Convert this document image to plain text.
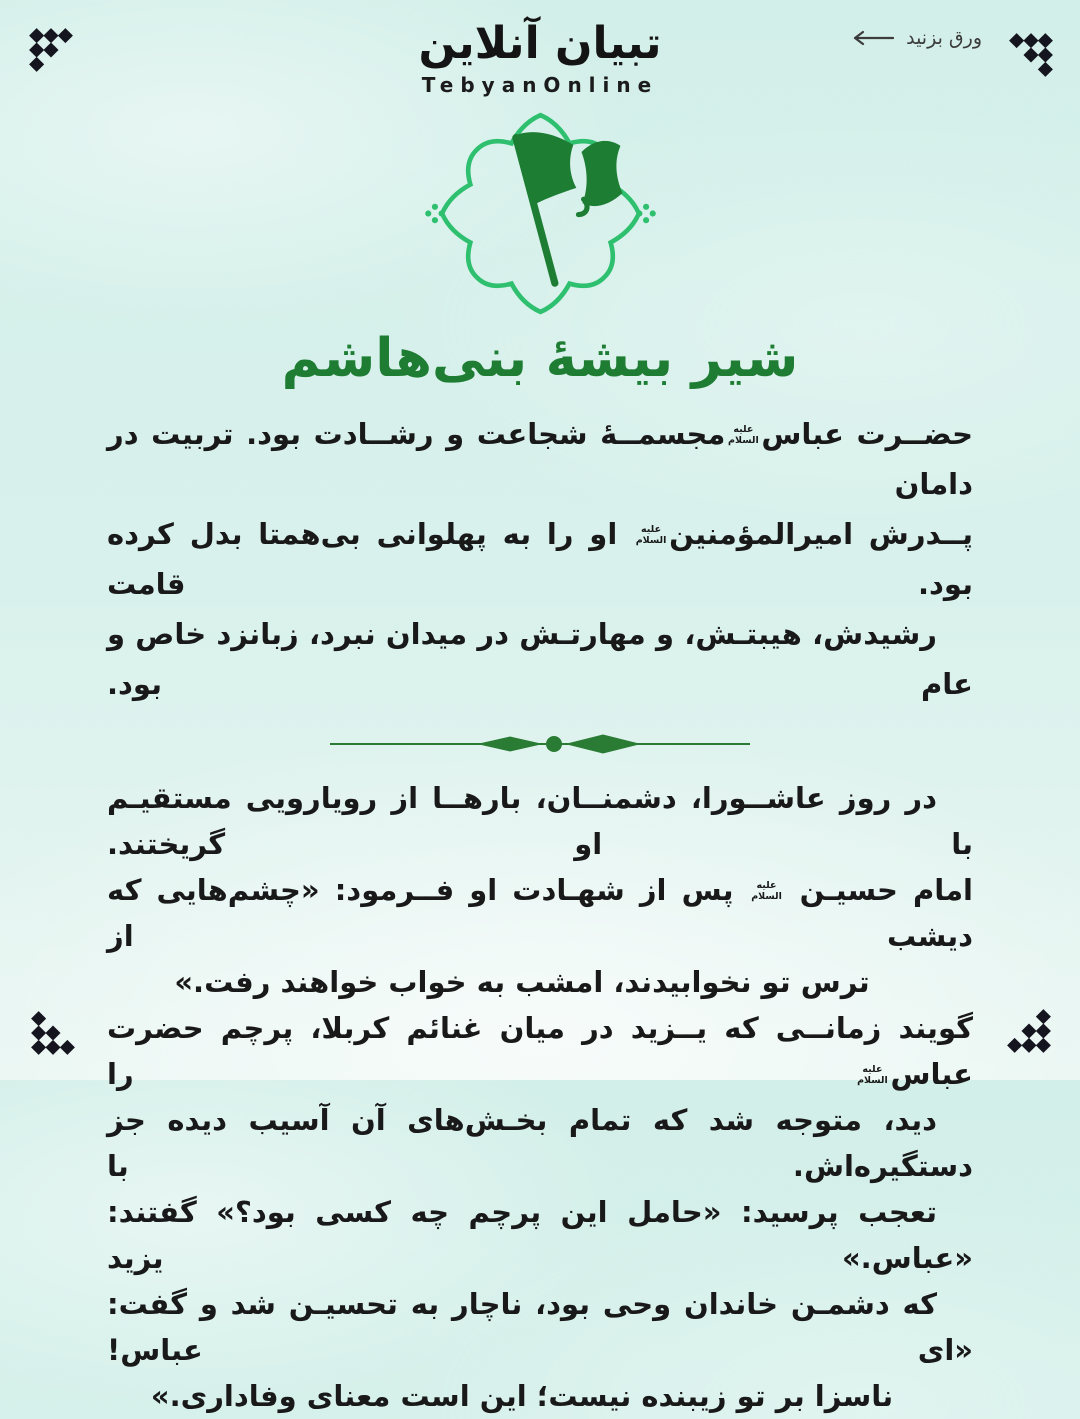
ورق بزنید
تبیان آنلاین
TebyanOnline
شیر بیشهٔ بنی‌هاشم
حضــرت عباسعلیه السلاممجسمــهٔ شجاعت و رشــادت بود. تربیت در دامان
پــدرش امیرالمؤمنینعلیه السلام او را به پهلوانی بی‌همتا بدل کرده بود. قامت
رشیدش، هیبتـش، و مهارتـش در میدان نبرد، زبانزد خاص و عام بود.
در روز عاشــورا، دشمنــان، بارهــا از رویارویی مستقیـم با او گریختند.
امام حسیـن علیه السلام پس از شهـادت او فــرمود: «چشم‌هایی که دیشب از
ترس تو نخوابیدند، امشب به خواب خواهند رفت.»
گویند زمانــی که یــزید در میان غنائم کربلا، پرچم حضرت عباسعلیه السلام را
دید، متوجه شد که تمام بخـش‌های آن آسیب دیده جز دستگیره‌اش. با
تعجب پرسید: «حامل این پرچم چه کسی بود؟» گفتند: «عباس.» یزید
که دشمـن خاندان وحی بود، ناچار به تحسیـن شد و گفت: «ای عباس!
ناسزا بر تو زیبنده نیست؛ این است معنای وفاداری.»
